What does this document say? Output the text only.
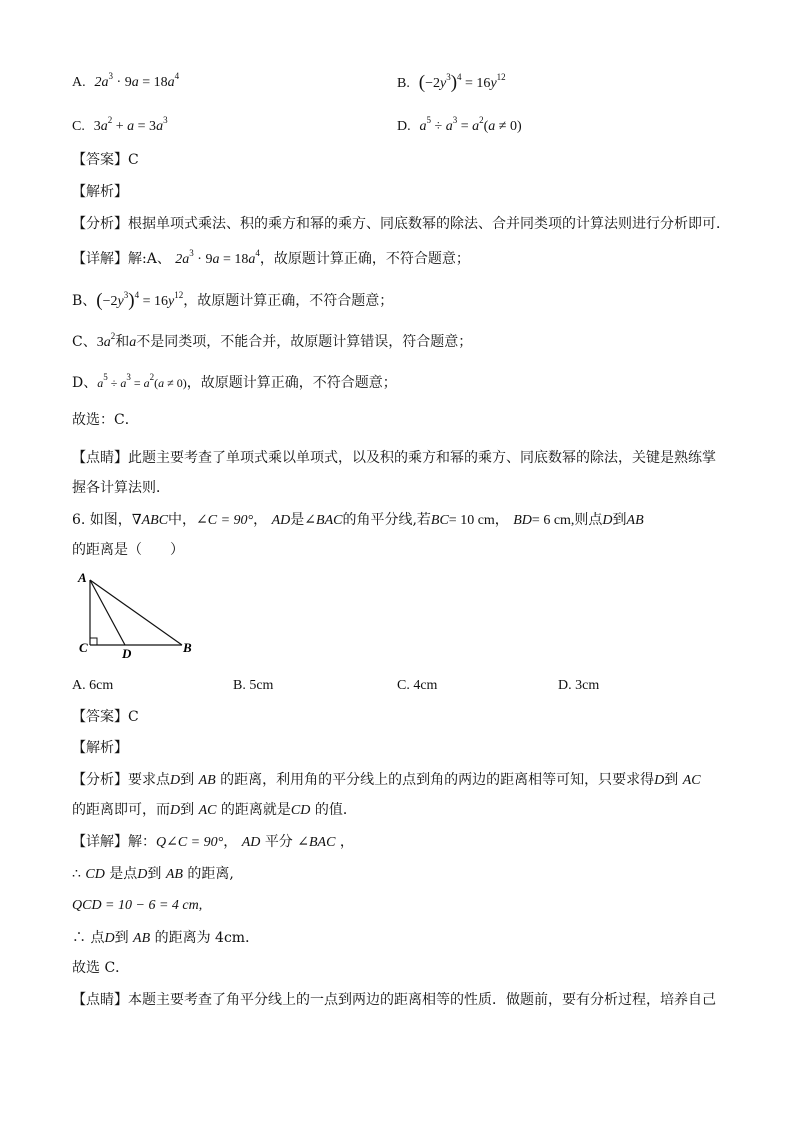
A. $2a^3 \cdot 9a = 18a^4$	B. $(-2y^3)^4 = 16y^{12}$
C. $3a^2 + a = 3a^3$	D. $a^5 \div a^3 = a^2(a \ne 0)$
【答案】C
【解析】
【分析】根据单项式乘法、积的乘方和幂的乘方、同底数幂的除法、合并同类项的计算法则进行分析即可．
【详解】解:A、 $2a^3 \cdot 9a = 18a^4$，故原题计算正确，不符合题意；
B、$(-2y^3)^4 = 16y^{12}$，故原题计算正确，不符合题意；
C、$3a^2$和a不是同类项，不能合并，故原题计算错误，符合题意；
D、$a^5 \div a^3 = a^2(a \ne 0)$，故原题计算正确，不符合题意；
故选：C．
【点睛】此题主要考查了单项式乘以单项式，以及积的乘方和幂的乘方、同底数幂的除法，关键是熟练掌
握各计算法则．
6. 如图，∇ABC中，∠C = 90°， AD是∠BAC的角平分线,若BC= 10 cm， BD= 6 cm,则点D到AB
的距离是（　　）
A
C	D	B
A. 6cm	B. 5cm	C. 4cm	D. 3cm
【答案】C
【解析】
【分析】要求点D到 AB 的距离，利用角的平分线上的点到角的两边的距离相等可知，只要求得D到 AC
的距离即可，而D到 AC 的距离就是CD 的值．
【详解】解：Q∠C = 90°， AD 平分 ∠BAC ，
∴ CD 是点D到 AB 的距离,
QCD = 10 − 6 = 4 cm,
∴ 点D到 AB 的距离为 4cm．
故选 C．
【点睛】本题主要考查了角平分线上的一点到两边的距离相等的性质．做题前，要有分析过程，培养自己
